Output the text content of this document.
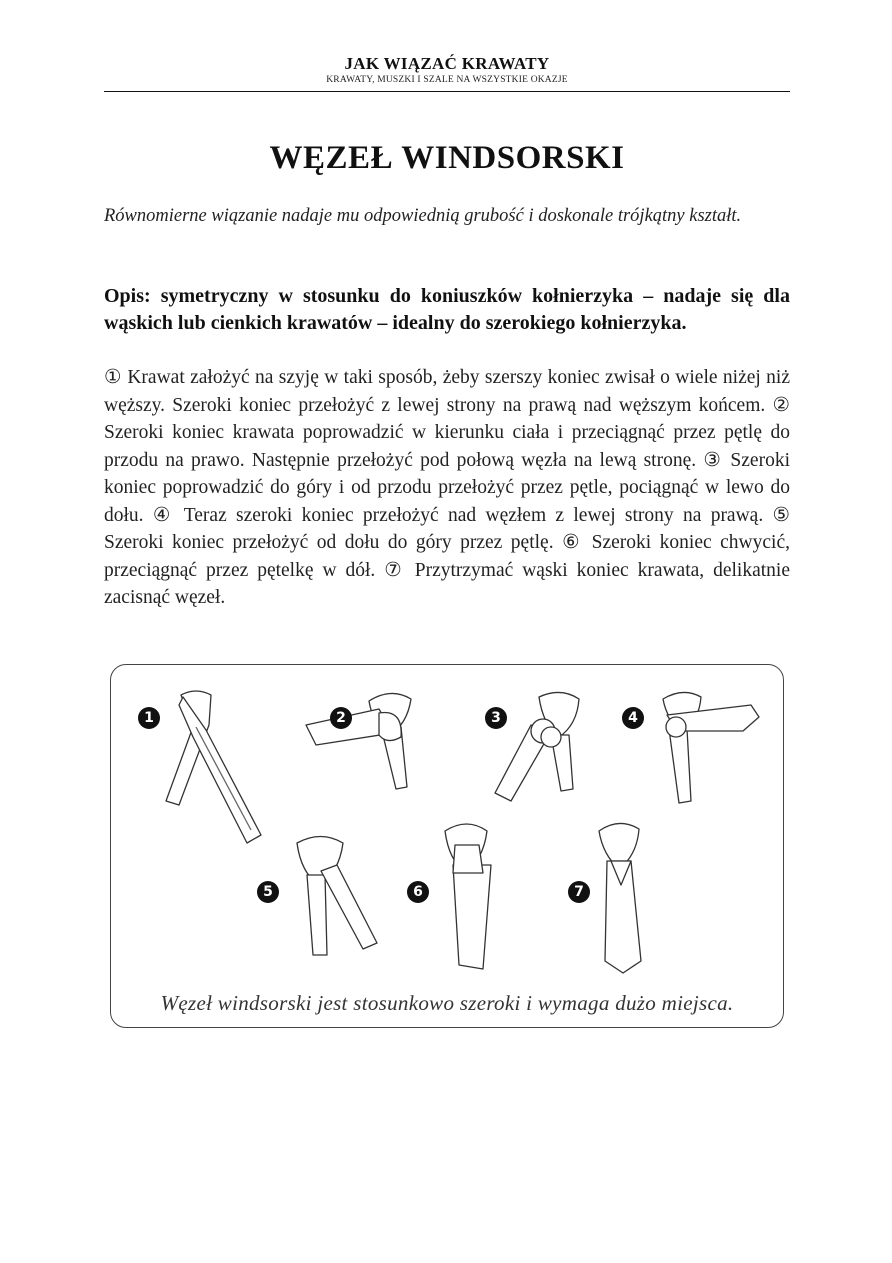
JAK WIĄZAĆ KRAWATY
KRAWATY, MUSZKI I SZALE NA WSZYSTKIE OKAZJE
WĘZEŁ WINDSORSKI
Równomierne wiązanie nadaje mu odpowiednią grubość i doskonale trójkątny kształt.
Opis: symetryczny w stosunku do koniuszków kołnierzyka – nadaje się dla wąskich lub cienkich krawatów – idealny do szerokiego kołnierzyka.
① Krawat założyć na szyję w taki sposób, żeby szerszy koniec zwisał o wiele niżej niż węższy. Szeroki koniec przełożyć z lewej strony na prawą nad węższym końcem. ② Szeroki koniec krawata poprowadzić w kierunku ciała i przeciągnąć przez pętlę do przodu na prawo. Następnie przełożyć pod połową węzła na lewą stronę. ③ Szeroki koniec poprowadzić do góry i od przodu przełożyć przez pętle, pociągnąć w lewo do dołu. ④ Teraz szeroki koniec przełożyć nad węzłem z lewej strony na prawą. ⑤ Szeroki koniec przełożyć od dołu do góry przez pętlę. ⑥ Szeroki koniec chwycić, przeciągnąć przez pętelkę w dół. ⑦ Przytrzymać wąski koniec krawata, delikatnie zacisnąć węzeł.
1	2	3	4
5	6	7
Węzeł windsorski jest stosunkowo szeroki i wymaga dużo miejsca.
